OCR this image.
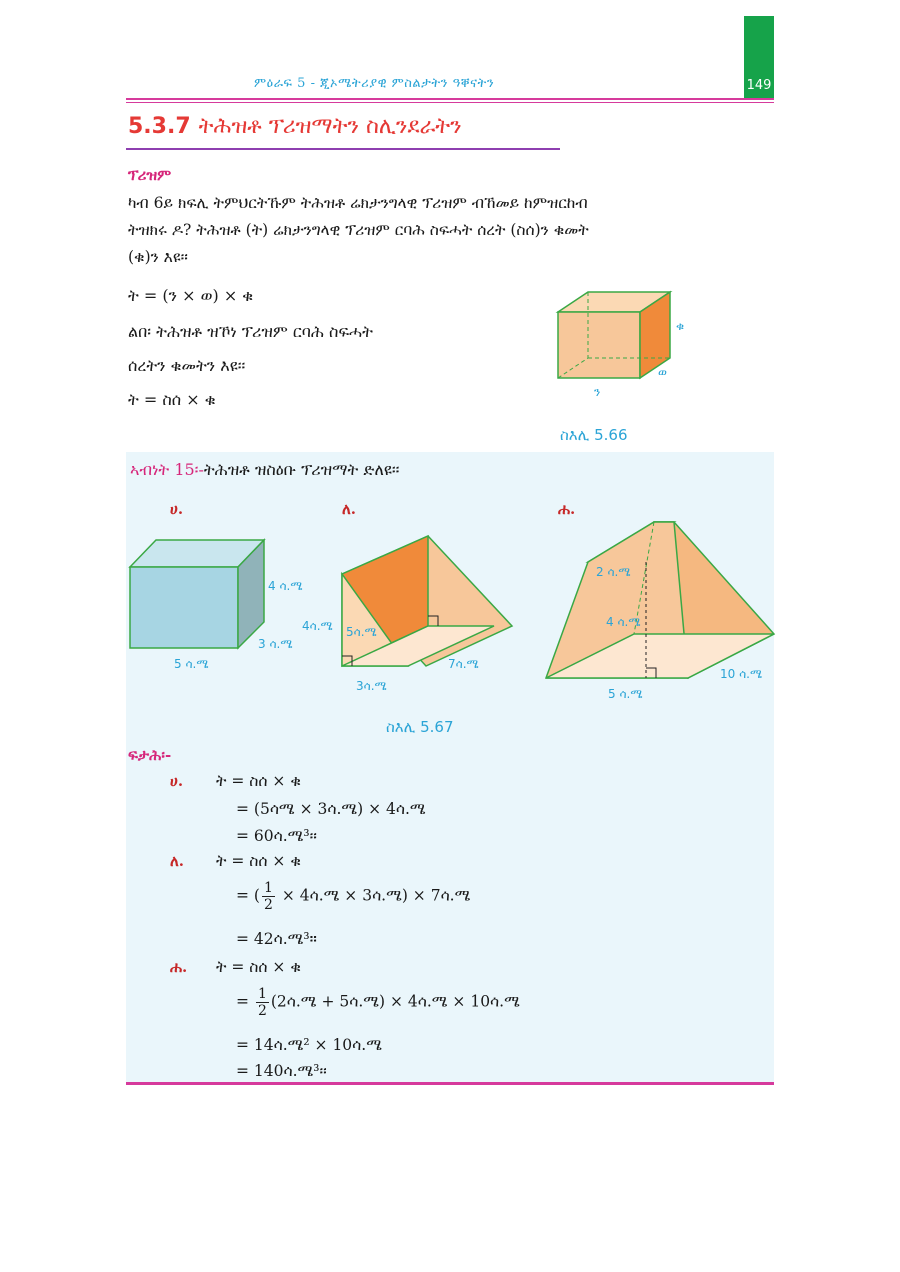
149
ምዕራፍ 5 - ጂኦሜትሪያዊ ምስልታትን ዓቐናትን
5.3.7 ትሕዝቶ ፕሪዝማትን ስሊንደራትን
ፕሪዝም
ካብ 6ይ ክፍሊ ትምህርትኹም ትሕዝቶ ሬክታንግላዊ ፕሪዝም ብኸመይ ከምዝርከብ
ትዝክሩ ዶ? ትሕዝቶ (ት) ሬክታንግላዊ ፕሪዝም ርባሕ ስፍሓት ሰረት (ስሰ)ን ቁመት
(ቁ)ን እዩ፡፡
ት = (ን × ወ) × ቁ
ልበ፡ ትሕዝቶ ዝኾነ ፕሪዝም ርባሕ ስፍሓት
ሰረትን ቁመትን እዩ፡፡
ት = ስሰ × ቁ
ቁ
ወ
ን
ስእሊ 5.66
ኣብነት 15፡-ትሕዝቶ ዝስዕቡ ፕሪዝማት ድለዩ፡፡
ሀ.	ለ.	ሐ.
4 ሳ.ሜ
3 ሳ.ሜ
5 ሳ.ሜ
4ሳ.ሜ 5ሳ.ሜ
3ሳ.ሜ
7ሳ.ሜ
2 ሳ.ሜ
4 ሳ.ሜ
5 ሳ.ሜ
10 ሳ.ሜ
ስእሊ 5.67
ፍታሕ፡-
ሀ. ት = ስሰ × ቁ
= (5ሳሜ × 3ሳ.ሜ) × 4ሳ.ሜ
= 60ሳ.ሜ³፡፡
ለ. ት = ስሰ × ቁ
= ( $\frac{1}{2}$ × 4ሳ.ሜ × 3ሳ.ሜ) × 7ሳ.ሜ
= 42ሳ.ሜ³።
ሐ. ት = ስሰ × ቁ
= $\frac{1}{2}$ (2ሳ.ሜ + 5ሳ.ሜ) × 4ሳ.ሜ × 10ሳ.ሜ
= 14ሳ.ሜ² × 10ሳ.ሜ
= 140ሳ.ሜ³፡፡
